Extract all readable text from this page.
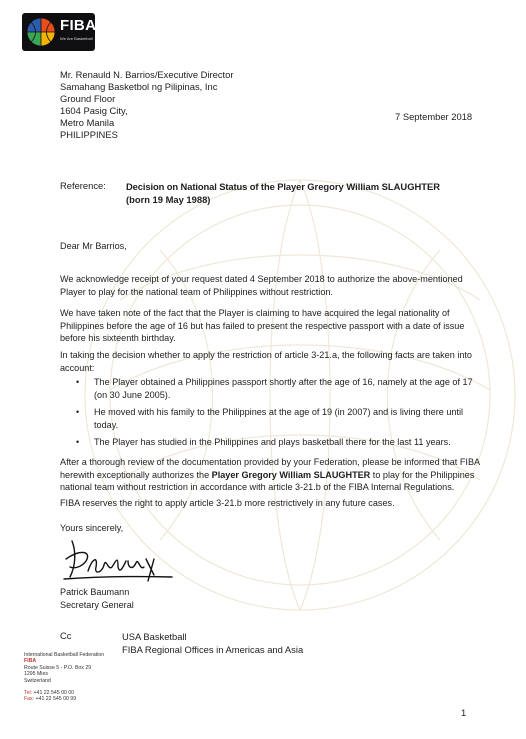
FIBA
We Are Basketball
Mr. Renauld N. Barrios/Executive Director
Samahang Basketbol ng Pilipinas, Inc
Ground Floor
1604 Pasig City,
Metro Manila
PHILIPPINES
7 September 2018
Reference: Decision on National Status of the Player Gregory William SLAUGHTER
(born 19 May 1988)
Dear Mr Barrios,
We acknowledge receipt of your request dated 4 September 2018 to authorize the above-mentioned Player to play for the national team of Philippines without restriction.
We have taken note of the fact that the Player is claiming to have acquired the legal nationality of Philippines before the age of 16 but has failed to present the respective passport with a date of issue before his sixteenth birthday.
In taking the decision whether to apply the restriction of article 3-21.a, the following facts are taken into account:
• The Player obtained a Philippines passport shortly after the age of 16, namely at the age of 17 (on 30 June 2005).
• He moved with his family to the Philippines at the age of 19 (in 2007) and is living there until today.
• The Player has studied in the Philippines and plays basketball there for the last 11 years.
After a thorough review of the documentation provided by your Federation, please be informed that FIBA herewith exceptionally authorizes the Player Gregory William SLAUGHTER to play for the Philippines national team without restriction in accordance with article 3-21.b of the FIBA Internal Regulations.
FIBA reserves the right to apply article 3-21.b more restrictively in any future cases.
Yours sincerely,
Patrick Baumann
Secretary General
Cc	USA Basketball
FIBA Regional Offices in Americas and Asia
International Basketball Federation
FIBA
Route Suisse 5 - P.O. Box 29
1295 Mies
Switzerland
Tel: +41 22 545 00 00
Fax: +41 22 545 00 99
1
